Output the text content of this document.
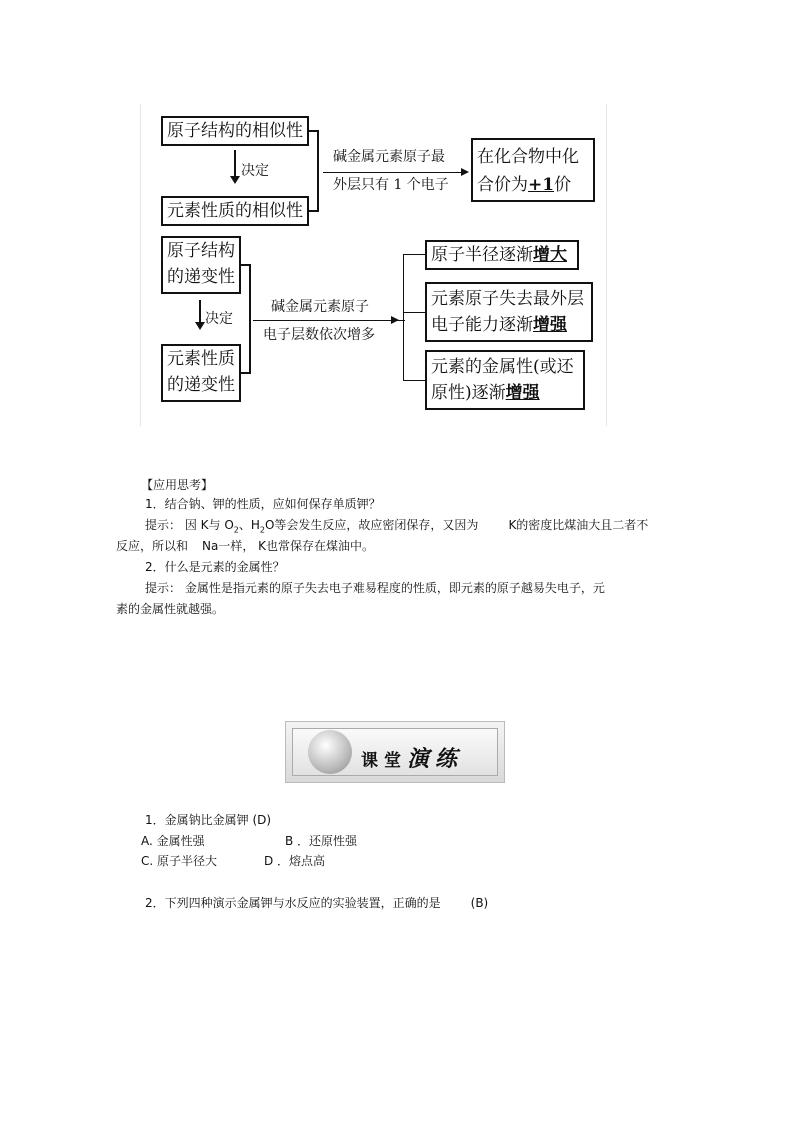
原子结构的相似性
决定
元素性质的相似性
碱金属元素原子最
外层只有 1 个电子
在化合物中化
合价为+1价
原子结构
的递变性
决定
元素性质
的递变性
碱金属元素原子
电子层数依次增多
原子半径逐渐增大
元素原子失去最外层
电子能力逐渐增强
元素的金属性(或还
原性)逐渐增强
【应用思考】
1．结合钠、钾的性质，应如何保存单质钾？
提示： 因 K与 $O_2$、$H_2O$等会发生反应，故应密闭保存，又因为	K的密度比煤油大且二者不
反应，所以和 Na一样， K也常保存在煤油中。
2．什么是元素的金属性？
提示： 金属性是指元素的原子失去电子难易程度的性质，即元素的原子越易失电子，元
素的金属性就越强。
课堂演练
1．金属钠比金属钾 (D)
A. 金属性强	B ．还原性强
C. 原子半径大	D ．熔点高
2．下列四种演示金属钾与水反应的实验装置，正确的是	(B)
